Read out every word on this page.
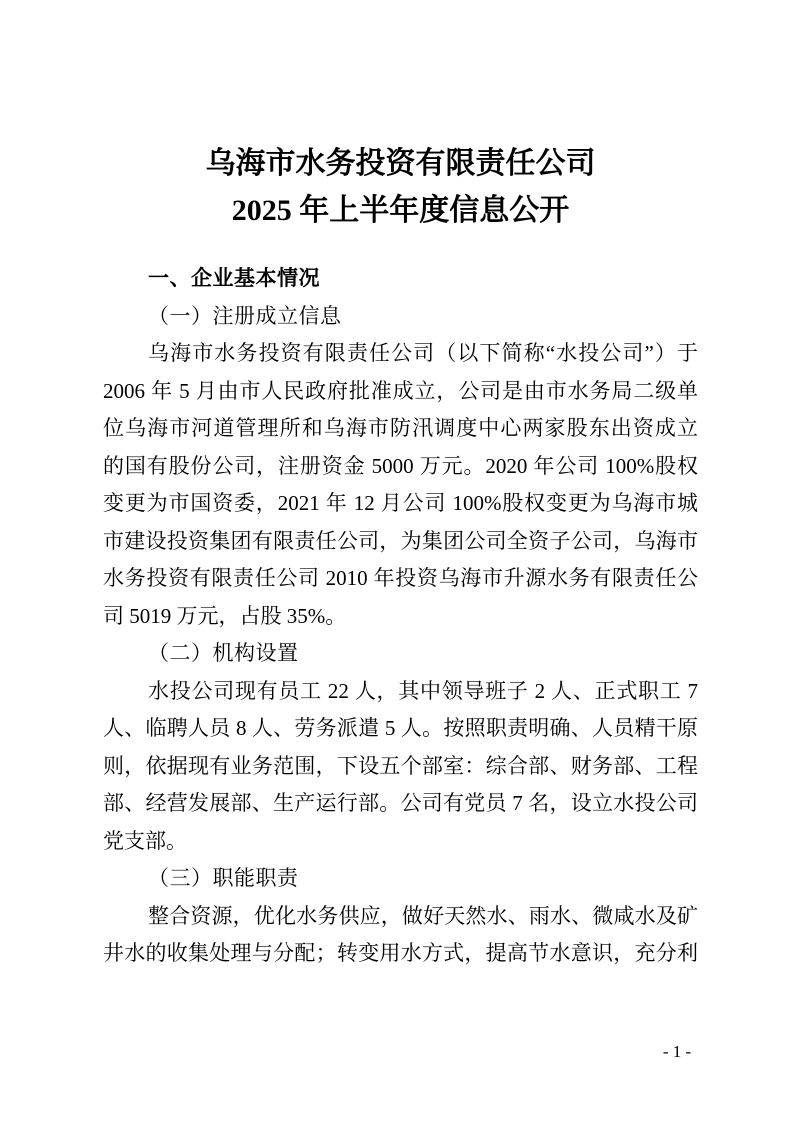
乌海市水务投资有限责任公司
2025 年上半年度信息公开
一、企业基本情况
（一）注册成立信息
乌海市水务投资有限责任公司（以下简称“水投公司”）于
2006 年 5 月由市人民政府批准成立，公司是由市水务局二级单
位乌海市河道管理所和乌海市防汛调度中心两家股东出资成立
的国有股份公司，注册资金 5000 万元。2020 年公司 100%股权
变更为市国资委，2021 年 12 月公司 100%股权变更为乌海市城
市建设投资集团有限责任公司，为集团公司全资子公司，乌海市
水务投资有限责任公司 2010 年投资乌海市升源水务有限责任公
司 5019 万元，占股 35%。
（二）机构设置
水投公司现有员工 22 人，其中领导班子 2 人、正式职工 7
人、临聘人员 8 人、劳务派遣 5 人。按照职责明确、人员精干原
则，依据现有业务范围，下设五个部室：综合部、财务部、工程
部、经营发展部、生产运行部。公司有党员 7 名，设立水投公司
党支部。
（三）职能职责
整合资源，优化水务供应，做好天然水、雨水、微咸水及矿
井水的收集处理与分配；转变用水方式，提高节水意识，充分利
- 1 -
